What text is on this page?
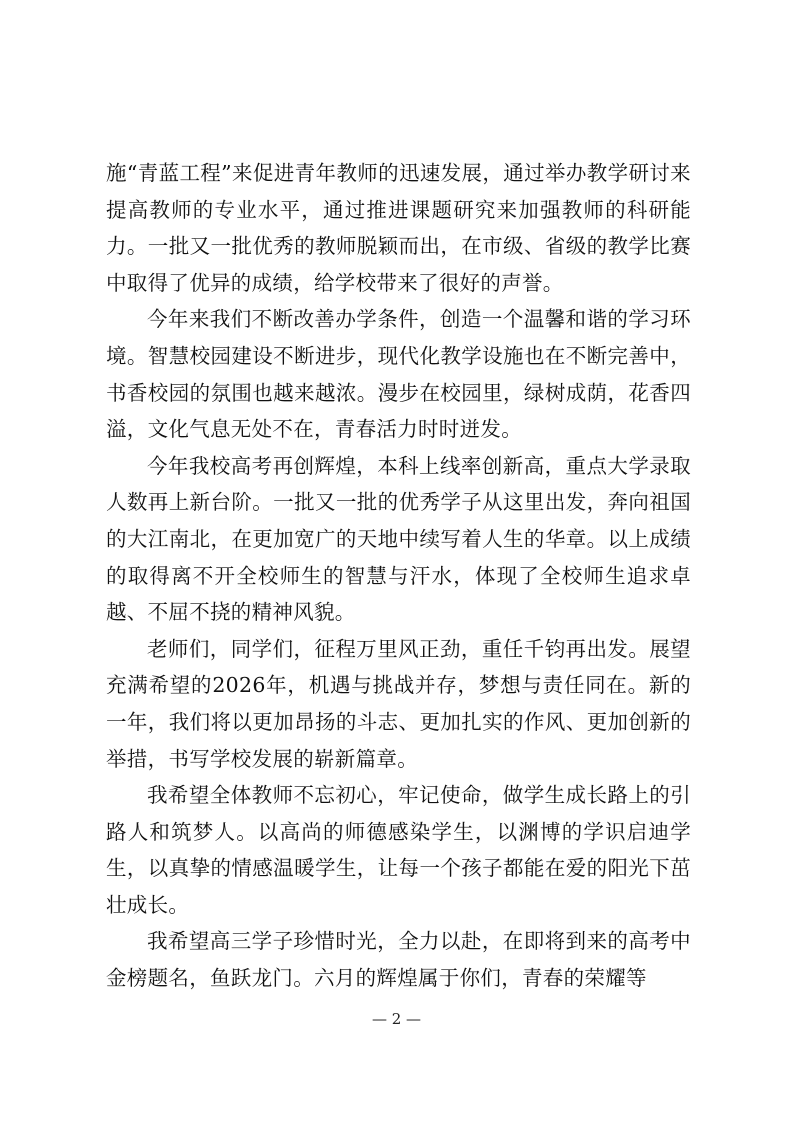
施“青蓝工程”来促进青年教师的迅速发展，通过举办教学研讨来提高教师的专业水平，通过推进课题研究来加强教师的科研能力。一批又一批优秀的教师脱颖而出，在市级、省级的教学比赛中取得了优异的成绩，给学校带来了很好的声誉。

今年来我们不断改善办学条件，创造一个温馨和谐的学习环境。智慧校园建设不断进步，现代化教学设施也在不断完善中，书香校园的氛围也越来越浓。漫步在校园里，绿树成荫，花香四溢，文化气息无处不在，青春活力时时迸发。

今年我校高考再创辉煌，本科上线率创新高，重点大学录取人数再上新台阶。一批又一批的优秀学子从这里出发，奔向祖国的大江南北，在更加宽广的天地中续写着人生的华章。以上成绩的取得离不开全校师生的智慧与汗水，体现了全校师生追求卓越、不屈不挠的精神风貌。

老师们，同学们，征程万里风正劲，重任千钧再出发。展望充满希望的2026年，机遇与挑战并存，梦想与责任同在。新的一年，我们将以更加昂扬的斗志、更加扎实的作风、更加创新的举措，书写学校发展的崭新篇章。

我希望全体教师不忘初心，牢记使命，做学生成长路上的引路人和筑梦人。以高尚的师德感染学生，以渊博的学识启迪学生，以真挚的情感温暖学生，让每一个孩子都能在爱的阳光下茁壮成长。

我希望高三学子珍惜时光，全力以赴，在即将到来的高考中金榜题名，鱼跃龙门。六月的辉煌属于你们，青春的荣耀等

— 2 —
